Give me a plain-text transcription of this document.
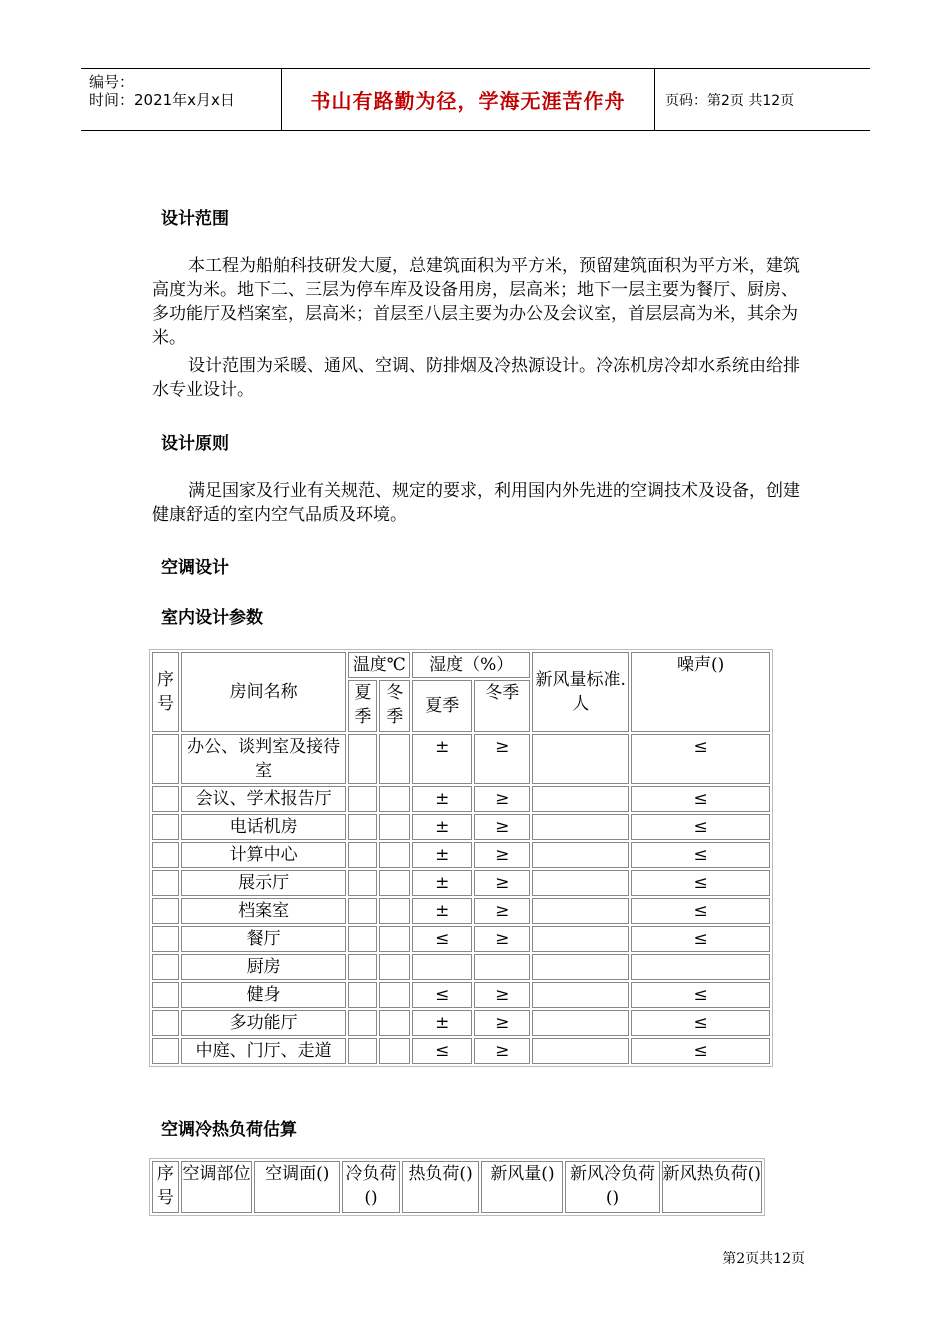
编号：
时间：2021年x月x日	书山有路勤为径，学海无涯苦作舟	页码：第2页 共12页
设计范围
本工程为船舶科技研发大厦，总建筑面积为平方米，预留建筑面积为平方米，建筑高度为米。地下二、三层为停车库及设备用房，层高米；地下一层主要为餐厅、厨房、多功能厅及档案室，层高米；首层至八层主要为办公及会议室，首层层高为米，其余为米。
设计范围为采暖、通风、空调、防排烟及冷热源设计。冷冻机房冷却水系统由给排水专业设计。
设计原则
满足国家及行业有关规范、规定的要求，利用国内外先进的空调技术及设备，创建健康舒适的室内空气品质及环境。
空调设计
室内设计参数
序号	房间名称	温度℃		湿度（%）		新风量标准.人	噪声()
		夏季	冬季	夏季	冬季		
	办公、谈判室及接待室			±	≥		≤
	会议、学术报告厅			±	≥		≤
	电话机房			±	≥		≤
	计算中心			±	≥		≤
	展示厅			±	≥		≤
	档案室			±	≥		≤
	餐厅			≤	≥		≤
	厨房						
	健身			≤	≥		≤
	多功能厅			±	≥		≤
	中庭、门厅、走道			≤	≥		≤
空调冷热负荷估算
序号	空调部位	空调面()	冷负荷()	热负荷()	新风量()	新风冷负荷()	新风热负荷()
第2页共12页
